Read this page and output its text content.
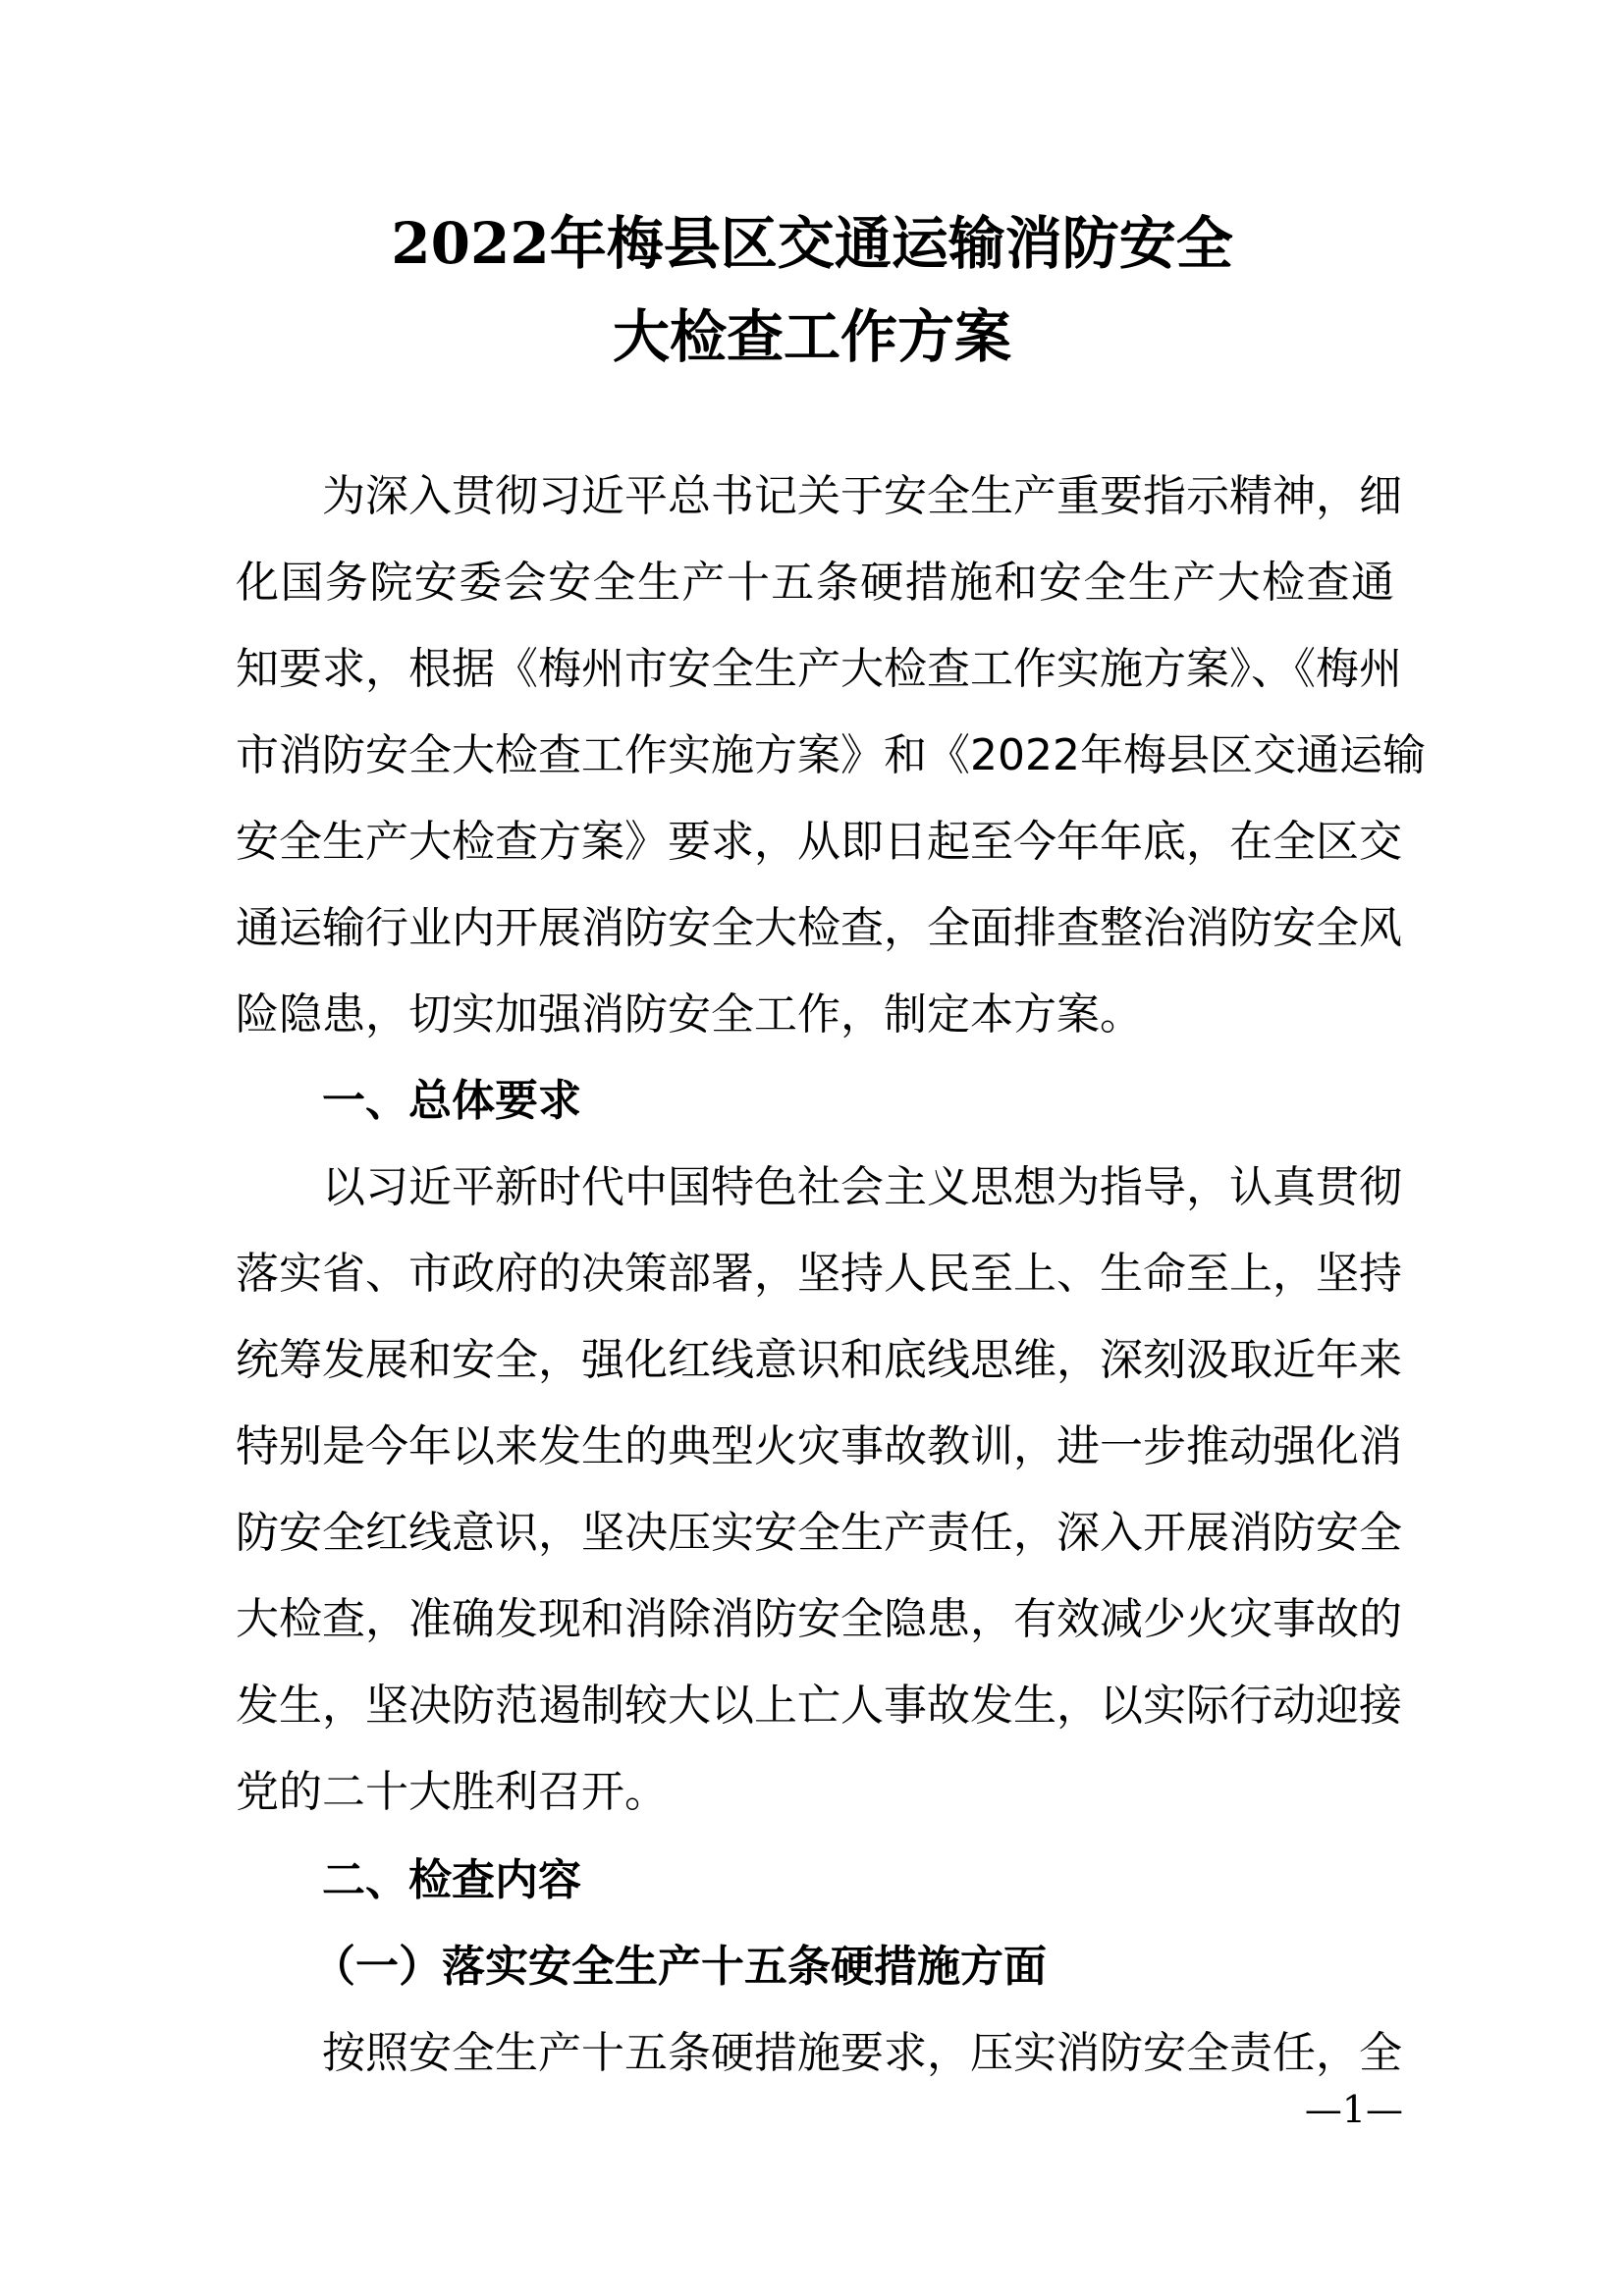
2022年梅县区交通运输消防安全
大检查工作方案
为深入贯彻习近平总书记关于安全生产重要指示精神，细
化国务院安委会安全生产十五条硬措施和安全生产大检查通
知要求，根据《梅州市安全生产大检查工作实施方案》、《梅州
市消防安全大检查工作实施方案》和《2022年梅县区交通运输
安全生产大检查方案》要求，从即日起至今年年底，在全区交
通运输行业内开展消防安全大检查，全面排查整治消防安全风
险隐患，切实加强消防安全工作，制定本方案。
一、总体要求
以习近平新时代中国特色社会主义思想为指导，认真贯彻
落实省、市政府的决策部署，坚持人民至上、生命至上，坚持
统筹发展和安全，强化红线意识和底线思维，深刻汲取近年来
特别是今年以来发生的典型火灾事故教训，进一步推动强化消
防安全红线意识，坚决压实安全生产责任，深入开展消防安全
大检查，准确发现和消除消防安全隐患，有效减少火灾事故的
发生，坚决防范遏制较大以上亡人事故发生，以实际行动迎接
党的二十大胜利召开。
二、检查内容
（一）落实安全生产十五条硬措施方面
按照安全生产十五条硬措施要求，压实消防安全责任，全
—1—
